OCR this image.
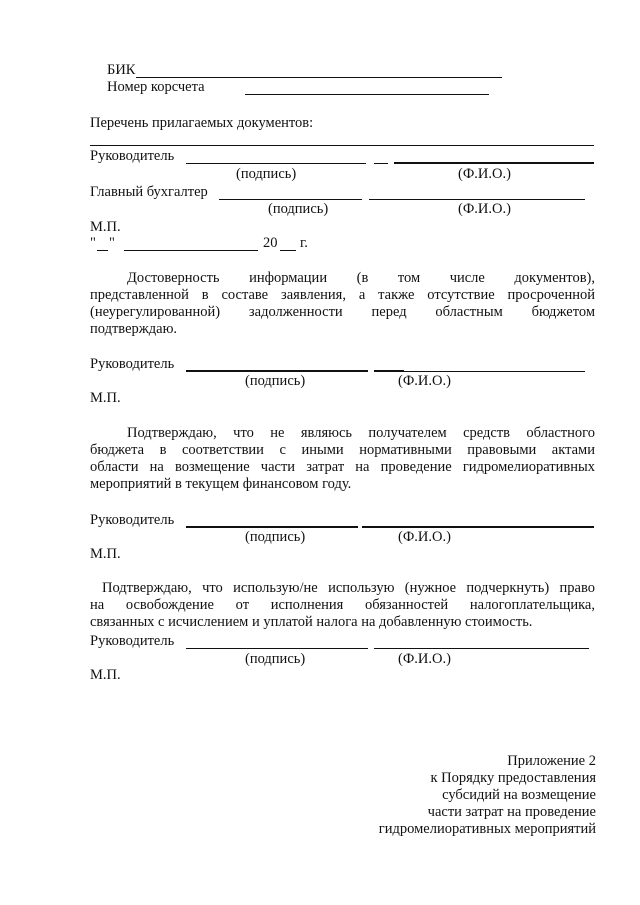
БИК
Номер корсчета
Перечень прилагаемых документов:
Руководитель
(подпись)	(Ф.И.О.)
Главный бухгалтер
(подпись)	(Ф.И.О.)
М.П.
" "	20 г.
Достоверность информации (в том числе документов),
представленной в составе заявления, а также отсутствие просроченной
(неурегулированной) задолженности перед областным бюджетом
подтверждаю.
Руководитель
(подпись)	(Ф.И.О.)
М.П.
Подтверждаю, что не являюсь получателем средств областного
бюджета в соответствии с иными нормативными правовыми актами
области на возмещение части затрат на проведение гидромелиоративных
мероприятий в текущем финансовом году.
Руководитель
(подпись)	(Ф.И.О.)
М.П.
Подтверждаю, что использую/не использую (нужное подчеркнуть) право
на освобождение от исполнения обязанностей налогоплательщика,
связанных с исчислением и уплатой налога на добавленную стоимость.
Руководитель
(подпись)	(Ф.И.О.)
М.П.
Приложение 2
к Порядку предоставления
субсидий на возмещение
части затрат на проведение
гидромелиоративных мероприятий
